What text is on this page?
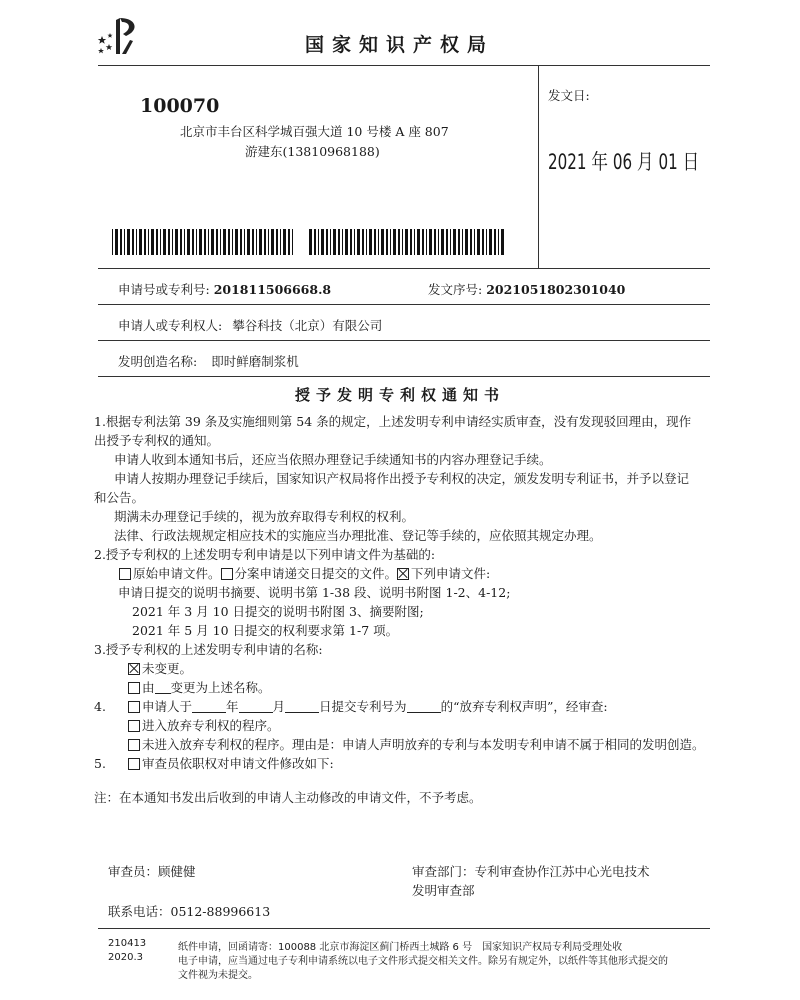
国家知识产权局
100070
北京市丰台区科学城百强大道 10 号楼 A 座 807
游建东(13810968188)
发文日:
2021 年 06 月 01 日
申请号或专利号: 201811506668.8	发文序号: 2021051802301040
申请人或专利权人: 攀谷科技（北京）有限公司
发明创造名称: 即时鲜磨制浆机
授予发明专利权通知书
1.根据专利法第 39 条及实施细则第 54 条的规定，上述发明专利申请经实质审查，没有发现驳回理由，现作
出授予专利权的通知。
申请人收到本通知书后，还应当依照办理登记手续通知书的内容办理登记手续。
申请人按期办理登记手续后，国家知识产权局将作出授予专利权的决定，颁发发明专利证书，并予以登记
和公告。
期满未办理登记手续的，视为放弃取得专利权的权利。
法律、行政法规规定相应技术的实施应当办理批准、登记等手续的，应依照其规定办理。
2.授予专利权的上述发明专利申请是以下列申请文件为基础的:
原始申请文件。 分案申请递交日提交的文件。 下列申请文件:
申请日提交的说明书摘要、说明书第 1-38 段、说明书附图 1-2、4-12;
2021 年 3 月 10 日提交的说明书附图 3、摘要附图;
2021 年 5 月 10 日提交的权利要求第 1-7 项。
3.授予专利权的上述发明专利申请的名称:
未变更。
由 变更为上述名称。
4.	申请人于	年	月	日提交专利号为	的“放弃专利权声明”，经审查:
进入放弃专利权的程序。
未进入放弃专利权的程序。理由是：申请人声明放弃的专利与本发明专利申请不属于相同的发明创造。
5.	审查员依职权对申请文件修改如下:
注：在本通知书发出后收到的申请人主动修改的申请文件，不予考虑。
审查员：顾健健	审查部门：专利审查协作江苏中心光电技术
发明审查部
联系电话：0512-88996613
210413
2020.3
纸件申请，回函请寄：100088 北京市海淀区蓟门桥西土城路 6 号　国家知识产权局专利局受理处收
电子申请，应当通过电子专利申请系统以电子文件形式提交相关文件。除另有规定外，以纸件等其他形式提交的
文件视为未提交。
